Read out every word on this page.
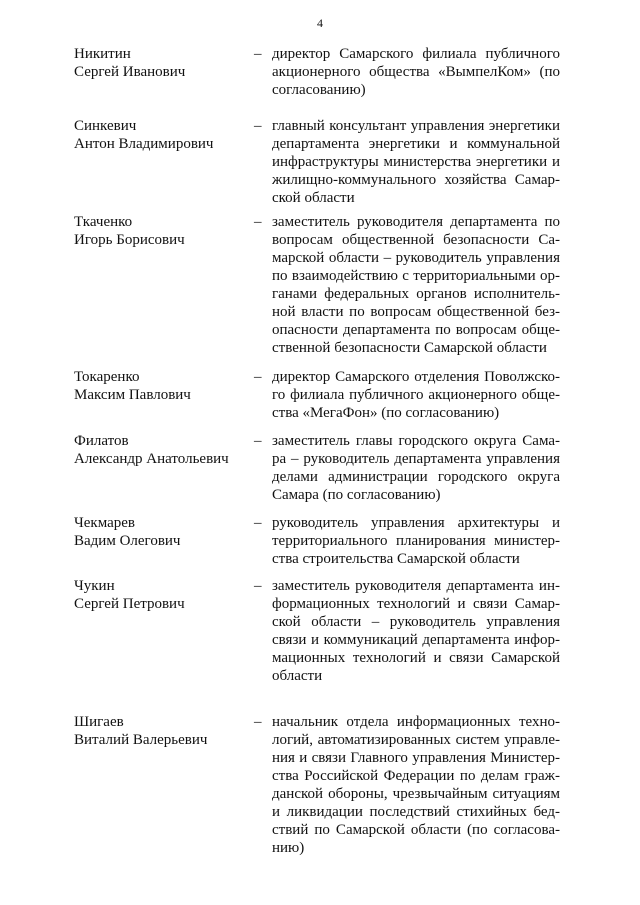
4
Никитин
Сергей Иванович
– директор Самарского филиала публичного акционерного общества «ВымпелКом» (по согласованию)
Синкевич
Антон Владимирович
– главный консультант управления энергетики департамента энергетики и коммунальной инфраструктуры министерства энергетики и жилищно-коммунального хозяйства Самарской области
Ткаченко
Игорь Борисович
– заместитель руководителя департамента по вопросам общественной безопасности Самарской области – руководитель управления по взаимодействию с территориальными органами федеральных органов исполнительной власти по вопросам общественной безопасности департамента по вопросам общественной безопасности Самарской области
Токаренко
Максим Павлович
– директор Самарского отделения Поволжского филиала публичного акционерного общества «МегаФон» (по согласованию)
Филатов
Александр Анатольевич
– заместитель главы городского округа Самара – руководитель департамента управления делами администрации городского округа Самара (по согласованию)
Чекмарев
Вадим Олегович
– руководитель управления архитектуры и территориального планирования министерства строительства Самарской области
Чукин
Сергей Петрович
– заместитель руководителя департамента информационных технологий и связи Самарской области – руководитель управления связи и коммуникаций департамента информационных технологий и связи Самарской области
Шигаев
Виталий Валерьевич
– начальник отдела информационных технологий, автоматизированных систем управления и связи Главного управления Министерства Российской Федерации по делам гражданской обороны, чрезвычайным ситуациям и ликвидации последствий стихийных бедствий по Самарской области (по согласованию)
